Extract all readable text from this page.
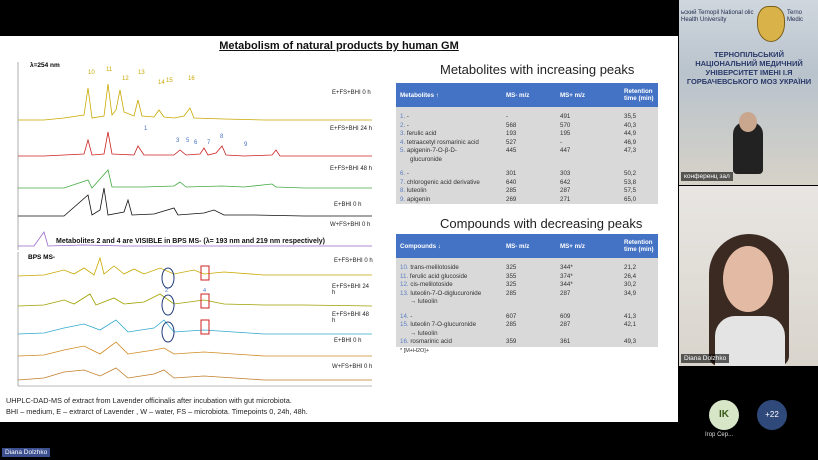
Metabolism of natural products by human GM
λ=254 nm
10 11
12
13
14 15	16
1
3 5 6 7
8
9
E+FS+BHI 0 h
E+FS+BHI 24 h
E+FS+BHI 48 h
E+BHI 0 h
W+FS+BHI 0 h
Metabolites 2 and 4 are VISIBLE in BPS MS- (λ= 193 nm and 219 nm respectively)
BPS MS-
2	4
E+FS+BHI 0 h
E+FS+BHI 24 h
E+FS+BHI 48 h
E+BHI 0 h
W+FS+BHI 0 h
UHPLC-DAD-MS of extract from Lavender officinalis after incubation with gut microbiota.
BHI – medium, E – extrarct of Lavender , W – water, FS – microbiota. Timepoints 0, 24h, 48h.
Metabolites with increasing peaks
Metabolites ↑	MS- m/z	MS+ m/z	Retention time (min)

1. -	-	491	35,5
2. -	568	570	40,3
3. ferulic acid	193	195	44,9
4. tetraacetyl rosmarinic acid	527	-	46,9
5. apigenin-7-O-β-D-	445	447	47,3
glucuronide			

6. -	301	303	50,2
7. chlorogenic acid derivative	640	642	53,8
8. luteolin	285	287	57,5
9. apigenin	269	271	65,0
Compounds with decreasing peaks
Compounds ↓	MS- m/z	MS+ m/z	Retention time (min)

10. trans-melilotoside	325	344*	21,2
11. ferulic acid glucoside	355	374*	26,4
12. cis-melilotoside	325	344*	30,2
13. luteolin-7-O-diglucuronide	285	287	34,9
→ luteolin			

14. -	607	609	41,3
15. luteolin 7-O-glucuronide	285	287	42,1
→ luteolin			
16. rosmarinic acid	359	361	49,3
* [M+H2O]+
ьский Ternopil National olic Health University
Terno Medic
ТЕРНОПІЛЬСЬКИЙ НАЦІОНАЛЬНИЙ МЕДИЧНИЙ УНІВЕРСИТЕТ ІМЕНІ І.Я ГОРБАЧЕВСЬКОГО МОЗ УКРАЇНИ
конференц зал
Diana Dolzhko
IK
Ігор Сер...
+22
Diana Dolzhko
